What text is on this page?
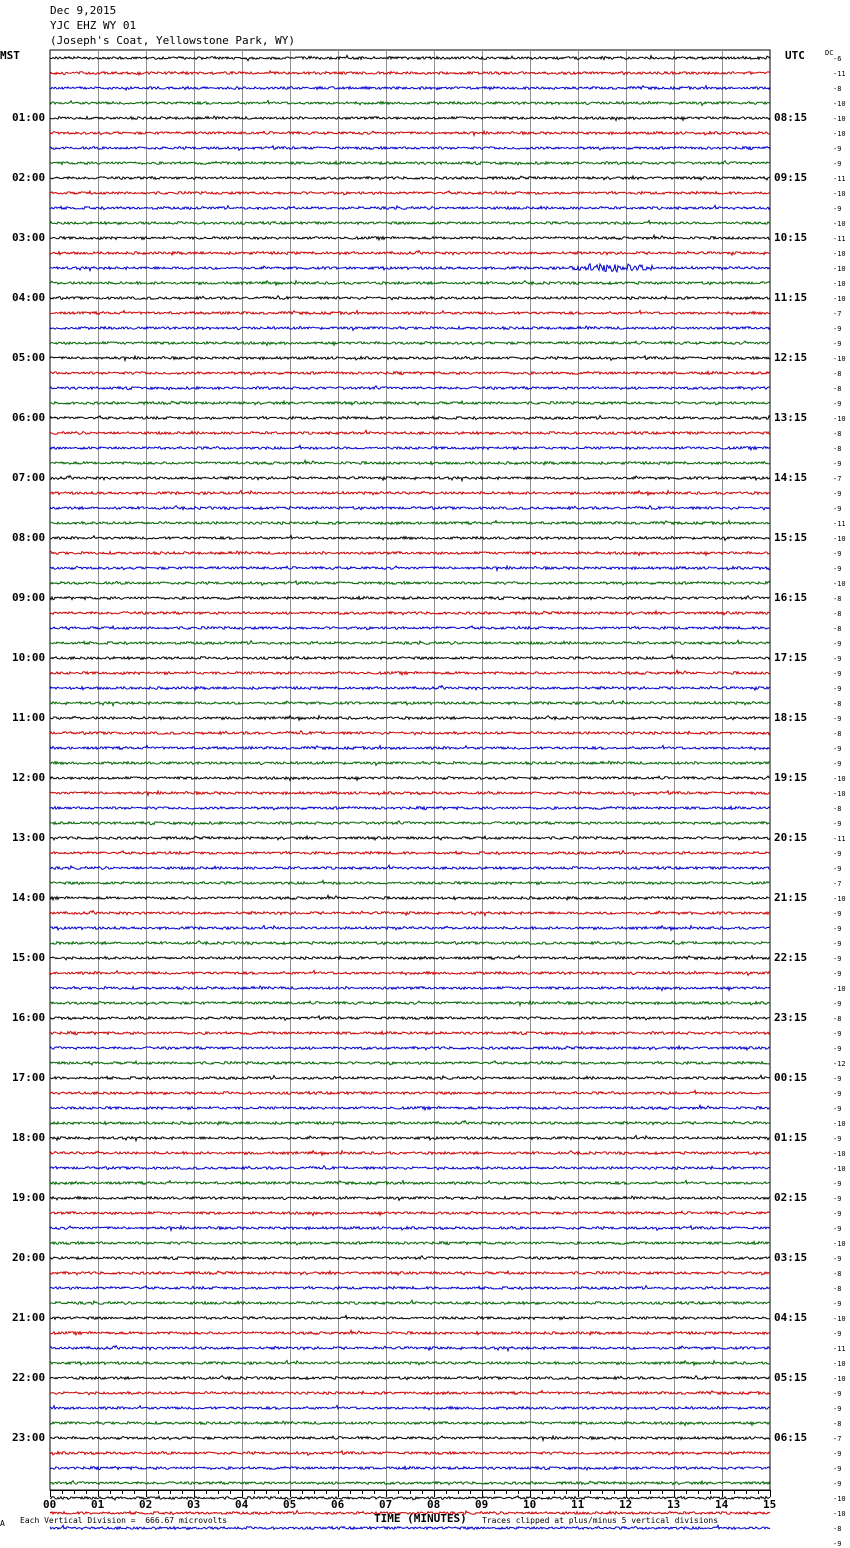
Dec 9,2015
YJC EHZ WY 01
(Joseph's Coat, Yellowstone Park, WY)
MST	UTC	DC
-6
-11
-8
-10
-10
-10
-9
-9
-11
-10
-9
-10
-11
-10
-10
-10
-10
-7
-9
-9
-10
-8
-8
-9
-10
-8
-8
-9
-7
-9
-9
-11
-10
-9
-9
-10
-8
-8
-8
-9
-9
-9
-9
-8
-9
-8
-9
-9
-10
-10
-8
-9
-11
-9
-9
-7
-10
-9
-9
-9
-9
-9
-10
-9
-8
-9
-9
-12
-9
-9
-9
-10
-9
-10
-10
-9
-9
-9
-9
-10
-9
-8
-8
-9
-10
-9
-11
-10
-10
-9
-9
-8
-7
-9
-9
-9
-10
-10
-8
-9
01:00	08:15
02:00	09:15
03:00	10:15
04:00	11:15
05:00	12:15
06:00	13:15
07:00	14:15
08:00	15:15
09:00	16:15
10:00	17:15
11:00	18:15
12:00	19:15
13:00	20:15
14:00	21:15
15:00	22:15
16:00	23:15
17:00	00:15
18:00	01:15
19:00	02:15
20:00	03:15
21:00	04:15
22:00	05:15
23:00	06:15
00	01	02	03	04	05	06	07	08	09	10	11	12	13	14	15
A Each Vertical Division =  666.67 microvolts	TIME (MINUTES) Traces clipped at plus/minus 5 vertical divisions
